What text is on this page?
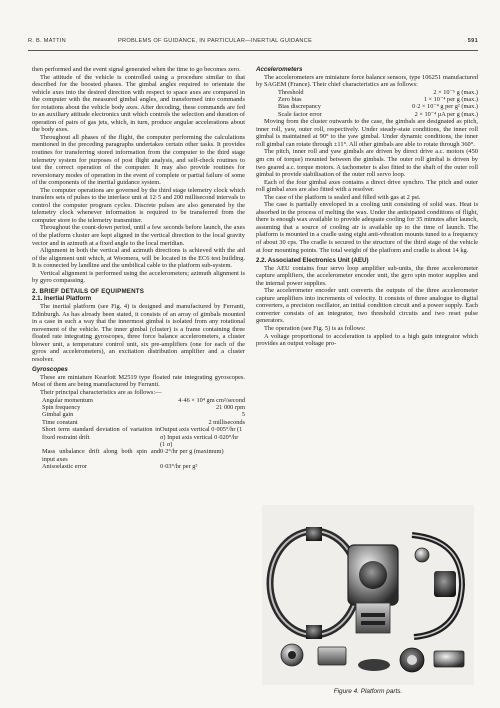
R. B. MATTIN	PROBLEMS OF GUIDANCE, IN PARTICULAR—INERTIAL GUIDANCE	591

then performed and the event signal generated when the time to go becomes zero.

The attitude of the vehicle is controlled using a procedure similar to that described for the boosted phases. The gimbal angles required to orientate the vehicle axes into the desired direction with respect to space axes are compared in the computer with the measured gimbal angles, and transformed into commands for rotations about the vehicle body axes. After decoding, these commands are fed to an auxiliary attitude electronics unit which controls the selection and duration of operation of pairs of gas jets, which, in turn, produce angular accelerations about the body axes.

Throughout all phases of the flight, the computer performing the calculations mentioned in the preceding paragraphs undertakes certain other tasks. It provides routines for transferring stored information from the computer to the third stage telemetry system for purposes of post flight analysis, and self-check routines to test the correct operation of the computer. It may also provide routines for reversionary modes of operation in the event of complete or partial failure of some of the components of the inertial guidance system.

The computer operations are governed by the third stage telemetry clock which transfers sets of pulses to the interface unit at 12·5 and 200 millisecond intervals to control the computer program cycles. Discrete pulses are also generated by the telemetry clock whenever information is required to be transferred from the computer store to the telemetry transmitter.

Throughout the count-down period, until a few seconds before launch, the axes of the platform cluster are kept aligned in the vertical direction to the local gravity vector and in azimuth at a fixed angle to the local meridian.

Alignment in both the vertical and azimuth directions is achieved with the aid of the alignment unit which, at Woomera, will be located in the EC6 test building. It is connected by landline and the umbilical cable to the platform sub-system.

Vertical alignment is performed using the accelerometers; azimuth alignment is by gyro compassing.

2. BRIEF DETAILS OF EQUIPMENTS
2.1. Inertial Platform

The inertial platform (see Fig. 4) is designed and manufactured by Ferranti, Edinburgh. As has already been stated, it consists of an array of gimbals mounted in a case in such a way that the innermost gimbal is isolated from any rotational movement of the vehicle. The inner gimbal (cluster) is a frame containing three floated rate integrating gyroscopes, three force balance accelerometers, a cluster blower unit, a temperature control unit, six pre-amplifiers (one for each of the gyros and accelerometers), an excitation distribution amplifier and a cluster resolver.

Gyroscopes

These are miniature Kearfott M2519 type floated rate integrating gyroscopes. Most of them are being manufactured by Ferranti.

Their principal characteristics are as follows:—

Angular momentum	4·46 × 10⁴ gm cm²/second
Spin frequency	21 000 rpm
Gimbal gain	5
Time constant	2 milliseconds
Short term standard deviation of variation in fixed restraint drift	Output axis vertical 0·005°/hr (1 σ) Input axis vertical 0·020°/hr (1 σ)
Mass unbalance drift along both spin and input axes	0·2°/hr per g (maximum)
Anisoelastic error	0·03°/hr per g²
Accelerometers

The accelerometers are miniature force balance sensors, type 106251 manufactured by SAGEM (France). Their chief characteristics are as follows:

Threshold	2 × 10⁻⁶ g (max.)
Zero bias	1 × 10⁻⁴ per g (max.)
Bias discrepancy	0·2 × 10⁻⁴ g per g² (max.)
Scale factor error	2 × 10⁻⁴ μA per g (max.)

Moving from the cluster outwards to the case, the gimbals are designated as pitch, inner roll, yaw, outer roll, respectively. Under steady-state conditions, the inner roll gimbal is maintained at 90° to the yaw gimbal. Under dynamic conditions, the inner roll gimbal can rotate through ±11°. All other gimbals are able to rotate through 360°.

The pitch, inner roll and yaw gimbals are driven by direct drive a.c. motors (450 gm cm of torque) mounted between the gimbals. The outer roll gimbal is driven by two geared a.c. torque motors. A tachometer is also fitted to the shaft of the outer roll gimbal to provide stabilisation of the outer roll servo loop.

Each of the four gimbal axes contains a direct drive synchro. The pitch and outer roll gimbal axes are also fitted with a resolver.

The case of the platform is sealed and filled with gas at 2 psi.

The case is partially enveloped in a cooling unit consisting of solid wax. Heat is absorbed in the process of melting the wax. Under the anticipated conditions of flight, there is enough wax available to provide adequate cooling for 35 minutes after launch, assuming that a source of cooling air is available up to the time of launch. The platform is mounted in a cradle using eight anti-vibration mounts tuned to a frequency of about 30 cps. The cradle is secured to the structure of the third stage of the vehicle at four mounting points. The total weight of the platform and cradle is about 14 kg.

2.2. Associated Electronics Unit (AEU)

The AEU contains four servo loop amplifier sub-units, the three accelerometer capture amplifiers, the accelerometer encoder unit, the gyro spin motor supplies and the internal power supplies.

The accelerometer encoder unit converts the outputs of the three accelerometer capture amplifiers into increments of velocity. It consists of three analogue to digital converters, a precision oscillator, an initial condition circuit and a power supply. Each converter consists of an integrator, two threshold circuits and two reset pulse generators.

The operation (see Fig. 5) is as follows:

A voltage proportional to acceleration is applied to a high gain integrator which provides an output voltage pro-

Figure 4. Platform parts.
